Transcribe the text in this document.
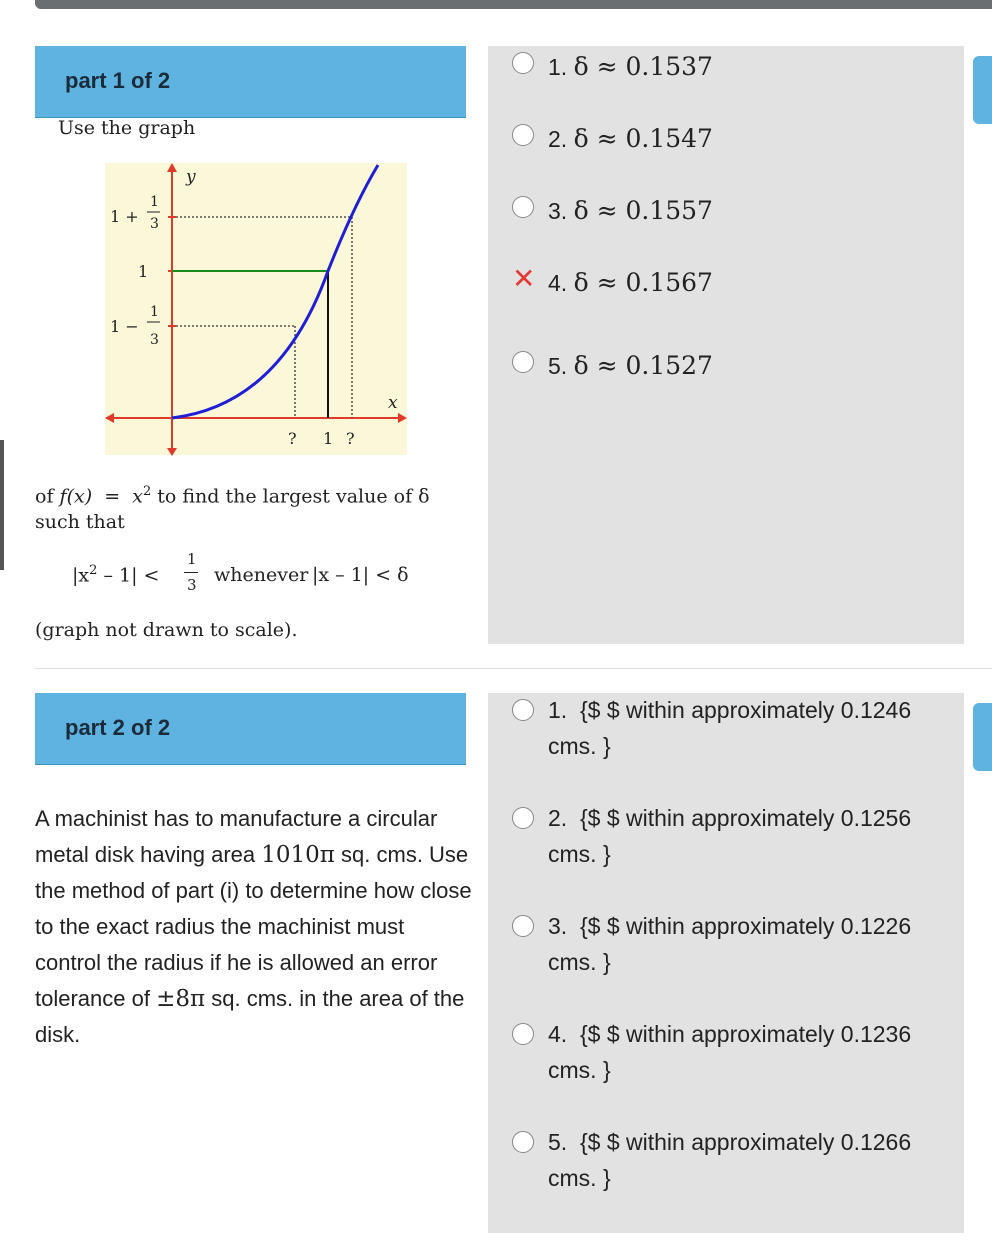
part 1 of 2
Use the graph
y
x
1 +
1
3
1
1 −
1
3
? 1 ?
of $f(x) = x^2$ to find the largest value of δ
such that
$|x^2 - 1|$ <
1
3 whenever |x – 1| < δ
(graph not drawn to scale).
1. δ ≈ 0.1537
2. δ ≈ 0.1547
3. δ ≈ 0.1557
✕ 4. δ ≈ 0.1567
5. δ ≈ 0.1527
part 2 of 2
A machinist has to manufacture a circular metal disk having area 1010π sq. cms. Use the method of part (i) to determine how close to the exact radius the machinist must control the radius if he is allowed an error tolerance of ±8π sq. cms. in the area of the disk.
1. {$ $ within approximately 0.1246
cms. }
2. {$ $ within approximately 0.1256
cms. }
3. {$ $ within approximately 0.1226
cms. }
4. {$ $ within approximately 0.1236
cms. }
5. {$ $ within approximately 0.1266
cms. }
